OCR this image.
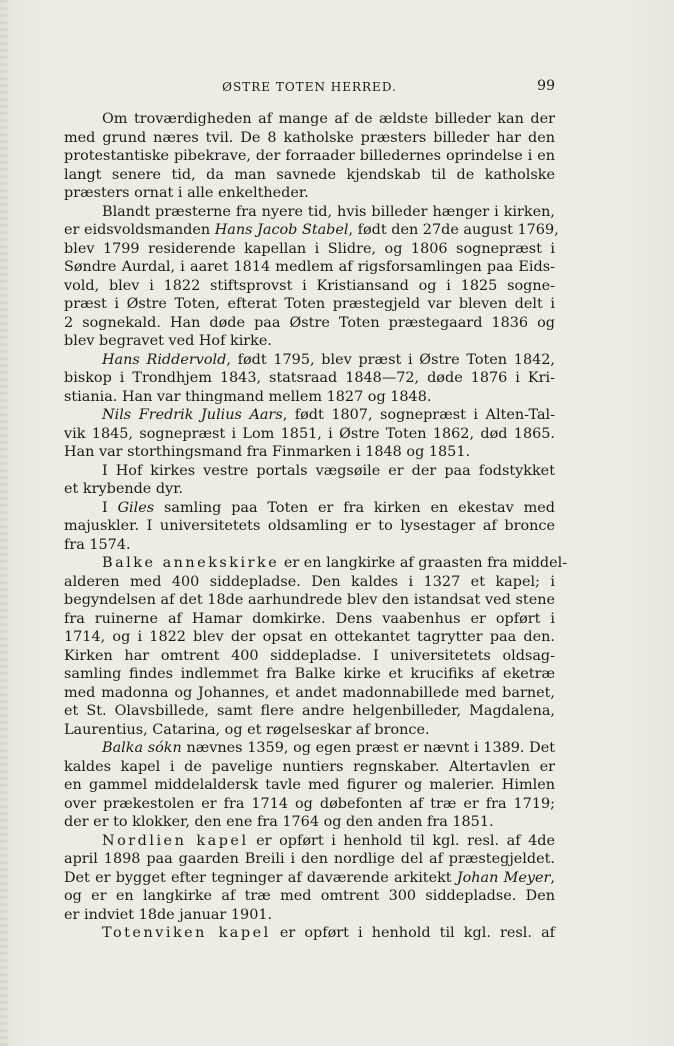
ØSTRE TOTEN HERRED.	99
Om troværdigheden af mange af de ældste billeder kan der
med grund næres tvil. De 8 katholske præsters billeder har den
protestantiske pibekrave, der forraader billedernes oprindelse i en
langt senere tid, da man savnede kjendskab til de katholske
præsters ornat i alle enkeltheder.
Blandt præsterne fra nyere tid, hvis billeder hænger i kirken,
er eidsvoldsmanden Hans Jacob Stabel, født den 27de august 1769,
blev 1799 residerende kapellan i Slidre, og 1806 sognepræst i
Søndre Aurdal, i aaret 1814 medlem af rigsforsamlingen paa Eids-
vold, blev i 1822 stiftsprovst i Kristiansand og i 1825 sogne-
præst i Østre Toten, efterat Toten præstegjeld var bleven delt i
2 sognekald. Han døde paa Østre Toten præstegaard 1836 og
blev begravet ved Hof kirke.
Hans Riddervold, født 1795, blev præst i Østre Toten 1842,
biskop i Trondhjem 1843, statsraad 1848—72, døde 1876 i Kri-
stiania. Han var thingmand mellem 1827 og 1848.
Nils Fredrik Julius Aars, født 1807, sognepræst i Alten-Tal-
vik 1845, sognepræst i Lom 1851, i Østre Toten 1862, død 1865.
Han var storthingsmand fra Finmarken i 1848 og 1851.
I Hof kirkes vestre portals vægsøile er der paa fodstykket
et krybende dyr.
I Giles samling paa Toten er fra kirken en ekestav med
majuskler. I universitetets oldsamling er to lysestager af bronce
fra 1574.
Balke annekskirke er en langkirke af graasten fra middel-
alderen med 400 siddepladse. Den kaldes i 1327 et kapel; i
begyndelsen af det 18de aarhundrede blev den istandsat ved stene
fra ruinerne af Hamar domkirke. Dens vaabenhus er opført i
1714, og i 1822 blev der opsat en ottekantet tagrytter paa den.
Kirken har omtrent 400 siddepladse. I universitetets oldsag-
samling findes indlemmet fra Balke kirke et krucifiks af eketræ
med madonna og Johannes, et andet madonnabillede med barnet,
et St. Olavsbillede, samt flere andre helgenbilleder, Magdalena,
Laurentius, Catarina, og et røgelseskar af bronce.
Balka sókn nævnes 1359, og egen præst er nævnt i 1389. Det
kaldes kapel i de pavelige nuntiers regnskaber. Altertavlen er
en gammel middelaldersk tavle med figurer og malerier. Himlen
over prækestolen er fra 1714 og døbefonten af træ er fra 1719;
der er to klokker, den ene fra 1764 og den anden fra 1851.
Nordlien kapel er opført i henhold til kgl. resl. af 4de
april 1898 paa gaarden Breili i den nordlige del af præstegjeldet.
Det er bygget efter tegninger af daværende arkitekt Johan Meyer,
og er en langkirke af træ med omtrent 300 siddepladse. Den
er indviet 18de januar 1901.
Totenviken kapel er opført i henhold til kgl. resl. af
